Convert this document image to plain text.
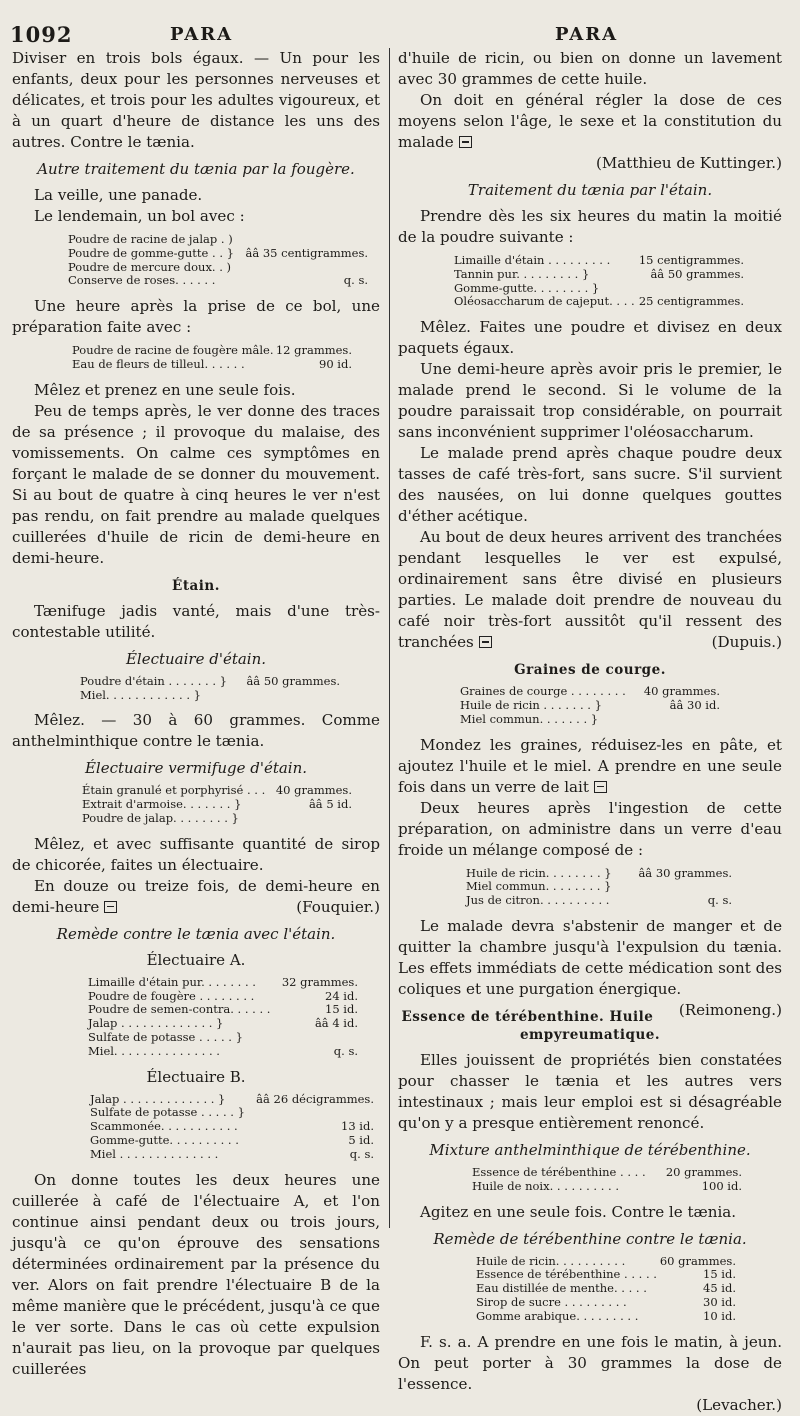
1092	PARA	PARA

Diviser en trois bols égaux. — Un pour les enfants, deux pour les personnes nerveuses et délicates, et trois pour les adultes vigoureux, et à un quart d'heure de distance les uns des autres. Contre le tænia.

Autre traitement du tænia par la fougère.

La veille, une panade.

Le lendemain, un bol avec :

Poudre de racine de jalap . )
Poudre de gomme-gutte . . } ââ 35 centigrammes.
Poudre de mercure doux. . )
Conserve de roses. . . . . .	q. s.

Une heure après la prise de ce bol, une préparation faite avec :

Poudre de racine de fougère mâle. 12 grammes.
Eau de fleurs de tilleul. . . . . .	90 id.

Mêlez et prenez en une seule fois.

Peu de temps après, le ver donne des traces de sa présence ; il provoque du malaise, des vomissements. On calme ces symptômes en forçant le malade de se donner du mouvement. Si au bout de quatre à cinq heures le ver n'est pas rendu, on fait prendre au malade quelques cuillerées d'huile de ricin de demi-heure en demi-heure.

Étain.

Tænifuge jadis vanté, mais d'une très-contestable utilité.

Électuaire d'étain.
Poudre d'étain . . . . . . . } ââ 50 grammes.
Miel. . . . . . . . . . . . }

Mêlez. — 30 à 60 grammes. Comme anthelminthique contre le tænia.

Électuaire vermifuge d'étain.
Étain granulé et porphyrisé . . . 40 grammes.
Extrait d'armoise. . . . . . . }	ââ 5 id.
Poudre de jalap. . . . . . . . }

Mêlez, et avec suffisante quantité de sirop de chicorée, faites un électuaire.

En douze ou treize fois, de demi-heure en demi-heure	(Fouquier.)

Remède contre le tænia avec l'étain.
Électuaire A.
Limaille d'étain pur. . . . . . . . 32 grammes.
Poudre de fougère . . . . . . . .	24 id.
Poudre de semen-contra. . . . . .	15 id.
Jalap . . . . . . . . . . . . . }	ââ 4 id.
Sulfate de potasse . . . . . }
Miel. . . . . . . . . . . . . . .	q. s.
Électuaire B.
Jalap . . . . . . . . . . . . . }	ââ 26 décigrammes.
Sulfate de potasse . . . . . }
Scammonée. . . . . . . . . . .	13 id.
Gomme-gutte. . . . . . . . . .	5 id.
Miel . . . . . . . . . . . . . .	q. s.

On donne toutes les deux heures une cuillerée à café de l'électuaire A, et l'on continue ainsi pendant deux ou trois jours, jusqu'à ce qu'on éprouve des sensations déterminées ordinairement par la présence du ver. Alors on fait prendre l'électuaire B de la même manière que le précédent, jusqu'à ce que le ver sorte. Dans le cas où cette expulsion n'aurait pas lieu, on la provoque par quelques cuillerées

d'huile de ricin, ou bien on donne un lavement avec 30 grammes de cette huile.

On doit en général régler la dose de ces moyens selon l'âge, le sexe et la constitution du malade

(Matthieu de Kuttinger.)

Traitement du tænia par l'étain.

Prendre dès les six heures du matin la moitié de la poudre suivante :

Limaille d'étain . . . . . . . . . 15 centigrammes.
Tannin pur. . . . . . . . . }	ââ 50 grammes.
Gomme-gutte. . . . . . . . }
Oléosaccharum de cajeput. . . . 25 centigrammes.

Mêlez. Faites une poudre et divisez en deux paquets égaux.

Une demi-heure après avoir pris le premier, le malade prend le second. Si le volume de la poudre paraissait trop considérable, on pourrait sans inconvénient supprimer l'oléosaccharum.

Le malade prend après chaque poudre deux tasses de café très-fort, sans sucre. S'il survient des nausées, on lui donne quelques gouttes d'éther acétique.

Au bout de deux heures arrivent des tranchées pendant lesquelles le ver est expulsé, ordinairement sans être divisé en plusieurs parties. Le malade doit prendre de nouveau du café noir très-fort aussitôt qu'il ressent des tranchées	(Dupuis.)

Graines de courge.
Graines de courge . . . . . . . . 40 grammes.
Huile de ricin . . . . . . . }	ââ 30 id.
Miel commun. . . . . . . }

Mondez les graines, réduisez-les en pâte, et ajoutez l'huile et le miel. A prendre en une seule fois dans un verre de lait

Deux heures après l'ingestion de cette préparation, on administre dans un verre d'eau froide un mélange composé de :

Huile de ricin. . . . . . . . } ââ 30 grammes.
Miel commun. . . . . . . . }
Jus de citron. . . . . . . . . .	q. s.

Le malade devra s'abstenir de manger et de quitter la chambre jusqu'à l'expulsion du tænia. Les effets immédiats de cette médication sont des coliques et une purgation énergique.
(Reimoneng.)

Essence de térébenthine. Huile empyreumatique.

Elles jouissent de propriétés bien constatées pour chasser le tænia et les autres vers intestinaux ; mais leur emploi est si désagréable qu'on y a presque entièrement renoncé.

Mixture anthelminthique de térébenthine.
Essence de térébenthine . . . . 20 grammes.
Huile de noix. . . . . . . . . .	100 id.

Agitez en une seule fois. Contre le tænia.

Remède de térébenthine contre le tænia.
Huile de ricin. . . . . . . . . .	60 grammes.
Essence de térébenthine . . . . .	15 id.
Eau distillée de menthe. . . . .	45 id.
Sirop de sucre . . . . . . . . .	30 id.
Gomme arabique. . . . . . . . .	10 id.

F. s. a. A prendre en une fois le matin, à jeun. On peut porter à 30 grammes la dose de l'essence.

(Levacher.)
